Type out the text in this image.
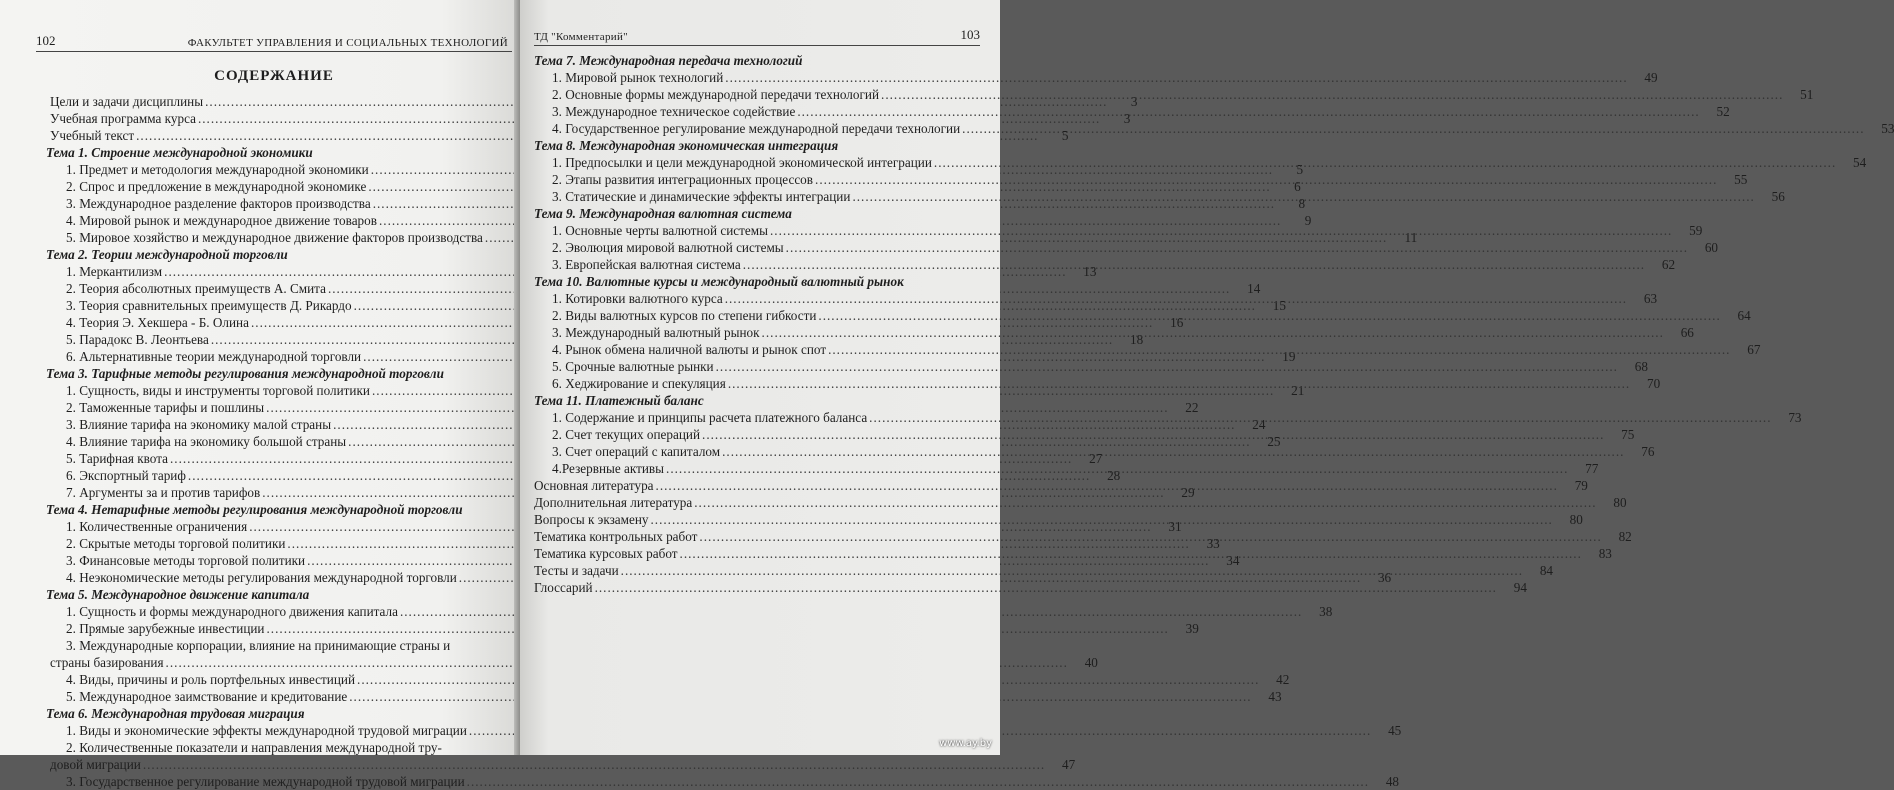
102	ФАКУЛЬТЕТ УПРАВЛЕНИЯ И СОЦИАЛЬНЫХ ТЕХНОЛОГИЙ
СОДЕРЖАНИЕ
Цели и задачи дисциплины .....	3
Учебная программа курса .....	3
Учебный текст .....	5
Тема 1. Строение международной экономики
1. Предмет и методология международной экономики .....	5
2. Спрос и предложение в международной экономике .....	6
3. Международное разделение факторов производства .....	8
4. Мировой рынок и международное движение товаров .....	9
5. Мировое хозяйство и международное движение факторов производства .....	11
Тема 2. Теории международной торговли
1. Меркантилизм .....	13
2. Теория абсолютных преимуществ А. Смита .....	14
3. Теория сравнительных преимуществ Д. Рикардо .....	15
4. Теория Э. Хекшера - Б. Олина .....	16
5. Парадокс В. Леонтьева .....	18
6. Альтернативные теории международной торговли .....	19
Тема 3. Тарифные методы регулирования международной торговли
1. Сущность, виды и инструменты торговой политики .....	21
2. Таможенные тарифы и пошлины .....	22
3. Влияние тарифа на экономику малой страны .....	24
4. Влияние тарифа на экономику большой страны .....	25
5. Тарифная квота .....	27
6. Экспортный тариф .....	28
7. Аргументы за и против тарифов .....	29
Тема 4. Нетарифные методы регулирования международной торговли
1. Количественные ограничения .....	31
2. Скрытые методы торговой политики .....	33
3. Финансовые методы торговой политики .....	34
4. Неэкономические методы регулирования международной торговли .....	36
Тема 5. Международное движение капитала
1. Сущность и формы международного движения капитала .....	38
2. Прямые зарубежные инвестиции .....	39
3. Международные корпорации, влияние на принимающие страны и
страны базирования .....	40
4. Виды, причины и роль портфельных инвестиций .....	42
5. Международное заимствование и кредитование .....	43
Тема 6. Международная трудовая миграция
1. Виды и экономические эффекты международной трудовой миграции .....	45
2. Количественные показатели и направления международной тру-
довой миграции .....	47
3. Государственное регулирование международной трудовой миграции .....	48
ТД "Комментарий"	103
Тема 7. Международная передача технологий
1. Мировой рынок технологий .....	49
2. Основные формы международной передачи технологий .....	51
3. Международное техническое содействие .....	52
4. Государственное регулирование международной передачи технологии .....	53
Тема 8. Международная экономическая интеграция
1. Предпосылки и цели международной экономической интеграции .....	54
2. Этапы развития интеграционных процессов .....	55
3. Статические и динамические эффекты интеграции .....	56
Тема 9. Международная валютная система
1. Основные черты валютной системы .....	59
2. Эволюция мировой валютной системы .....	60
3. Европейская валютная система .....	62
Тема 10. Валютные курсы и международный валютный рынок
1. Котировки валютного курса .....	63
2. Виды валютных курсов по степени гибкости .....	64
3. Международный валютный рынок .....	66
4. Рынок обмена наличной валюты и рынок спот .....	67
5. Срочные валютные рынки .....	68
6. Хеджирование и спекуляция .....	70
Тема 11. Платежный баланс
1. Содержание и принципы расчета платежного баланса .....	73
2. Счет текущих операций .....	75
3. Счет операций с капиталом .....	76
4.Резервные активы .....	77
Основная литература .....	79
Дополнительная литература .....	80
Вопросы к экзамену .....	80
Тематика контрольных работ .....	82
Тематика курсовых работ .....	83
Тесты и задачи .....	84
Глоссарий .....	94
www.ay.by
